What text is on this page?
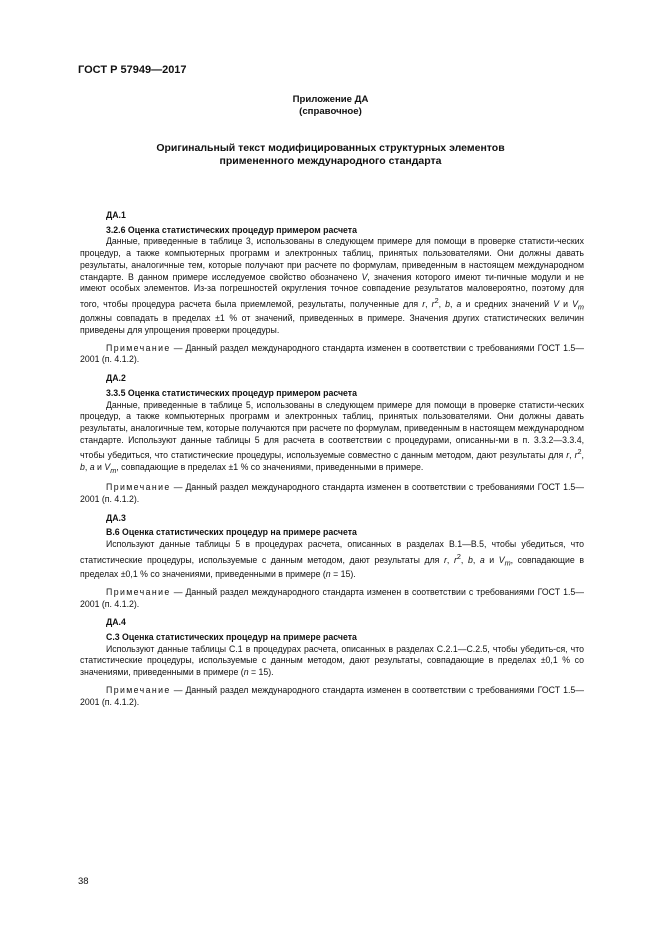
ГОСТ Р 57949—2017
Приложение ДА
(справочное)
Оригинальный текст модифицированных структурных элементов
примененного международного стандарта
ДА.1
3.2.6 Оценка статистических процедур примером расчета

Данные, приведенные в таблице 3, использованы в следующем примере для помощи в проверке статисти-ческих процедур, а также компьютерных программ и электронных таблиц, принятых пользователями. Они должны давать результаты, аналогичные тем, которые получают при расчете по формулам, приведенным в настоящем международном стандарте. В данном примере исследуемое свойство обозначено V, значения которого имеют ти-пичные модули и не имеют особых элементов. Из-за погрешностей округления точное совпадение результатов маловероятно, поэтому для того, чтобы процедура расчета была приемлемой, результаты, полученные для r, $r^2$, b, a и средних значений V и $V_m$ должны совпадать в пределах ±1 % от значений, приведенных в примере. Значения других статистических величин приведены для упрощения проверки процедуры.

Примечание — Данный раздел международного стандарта изменен в соответствии с требованиями ГОСТ 1.5—2001 (п. 4.1.2).

ДА.2
3.3.5 Оценка статистических процедур примером расчета

Данные, приведенные в таблице 5, использованы в следующем примере для помощи в проверке статисти-ческих процедур, а также компьютерных программ и электронных таблиц, принятых пользователями. Они должны давать результаты, аналогичные тем, которые получаются при расчете по формулам, приведенным в настоящем международном стандарте. Используют данные таблицы 5 для расчета в соответствии с процедурами, описанны-ми в п. 3.3.2—3.3.4, чтобы убедиться, что статистические процедуры, используемые совместно с данным методом, дают результаты для r, $r^2$, b, a и $V_m$, совпадающие в пределах ±1 % со значениями, приведенными в примере.

Примечание — Данный раздел международного стандарта изменен в соответствии с требованиями ГОСТ 1.5—2001 (п. 4.1.2).

ДА.3
В.6 Оценка статистических процедур на примере расчета

Используют данные таблицы 5 в процедурах расчета, описанных в разделах В.1—В.5, чтобы убедиться, что статистические процедуры, используемые с данным методом, дают результаты для r, $r^2$, b, a и $V_m$, совпадающие в пределах ±0,1 % со значениями, приведенными в примере (n = 15).

Примечание — Данный раздел международного стандарта изменен в соответствии с требованиями ГОСТ 1.5—2001 (п. 4.1.2).

ДА.4
С.3 Оценка статистических процедур на примере расчета

Используют данные таблицы С.1 в процедурах расчета, описанных в разделах С.2.1—С.2.5, чтобы убедить-ся, что статистические процедуры, используемые с данным методом, дают результаты, совпадающие в пределах ±0,1 % со значениями, приведенными в примере (n = 15).

Примечание — Данный раздел международного стандарта изменен в соответствии с требованиями ГОСТ 1.5—2001 (п. 4.1.2).

38
